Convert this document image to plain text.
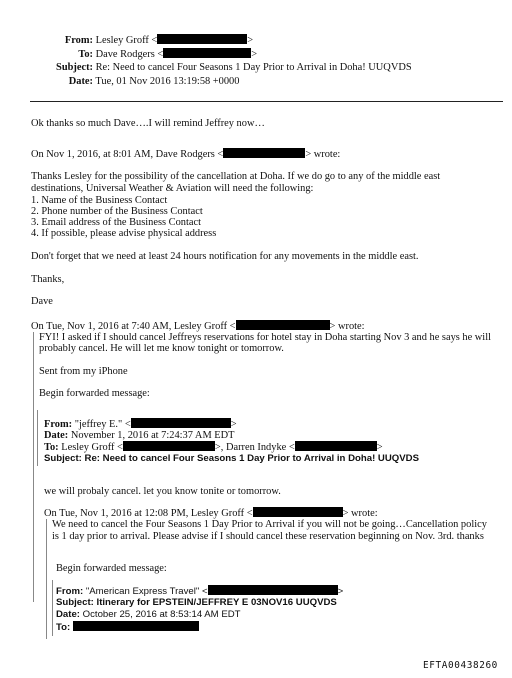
From: Lesley Groff <	>
To: Dave Rodgers <	>
Subject: Re: Need to cancel Four Seasons 1 Day Prior to Arrival in Doha! UUQVDS
Date: Tue, 01 Nov 2016 13:19:58 +0000
Ok thanks so much Dave….I will remind Jeffrey now…
On Nov 1, 2016, at 8:01 AM, Dave Rodgers <	> wrote:
Thanks Lesley for the possibility of the cancellation at Doha. If we do go to any of the middle east
destinations, Universal Weather & Aviation will need the following:
1. Name of the Business Contact
2. Phone number of the Business Contact
3. Email address of the Business Contact
4. If possible, please advise physical address
Don't forget that we need at least 24 hours notification for any movements in the middle east.
Thanks,
Dave
On Tue, Nov 1, 2016 at 7:40 AM, Lesley Groff <	> wrote:
FYI! I asked if I should cancel Jeffreys reservations for hotel stay in Doha starting Nov 3 and he says he will
probably cancel. He will let me know tonight or tomorrow.
Sent from my iPhone
Begin forwarded message:
From: "jeffrey E." <	>
Date: November 1, 2016 at 7:24:37 AM EDT
To: Lesley Groff <	>, Darren Indyke <	>
Subject: Re: Need to cancel Four Seasons 1 Day Prior to Arrival in Doha! UUQVDS
we will probaly cancel. let you know tonite or tomorrow.
On Tue, Nov 1, 2016 at 12:08 PM, Lesley Groff <	> wrote:
We need to cancel the Four Seasons 1 Day Prior to Arrival if you will not be going…Cancellation policy
is 1 day prior to arrival. Please advise if I should cancel these reservation beginning on Nov. 3rd. thanks
Begin forwarded message:
From: "American Express Travel" <	>
Subject: Itinerary for EPSTEIN/JEFFREY E 03NOV16 UUQVDS
Date: October 25, 2016 at 8:53:14 AM EDT
To:
EFTA00438260
